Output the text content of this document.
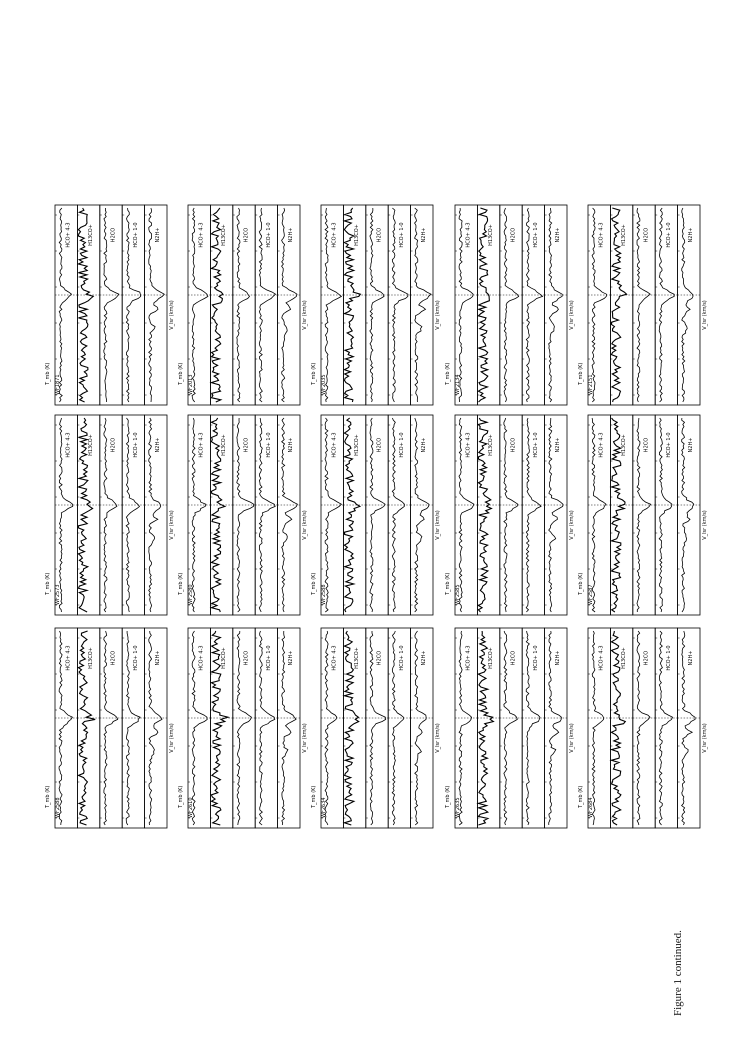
HCO+ 4-3	H13CO+	H2CO	HCO+ 1-0	N2H+
WF1871
V_lsr (km/s)
T_mb (K)
HCO+ 4-3	H13CO+	H2CO	HCO+ 1-0	N2H+
WF2013
V_lsr (km/s)
T_mb (K)
HCO+ 4-3	H13CO+	H2CO	HCO+ 1-0	N2H+
WF2035
V_lsr (km/s)
T_mb (K)
HCO+ 4-3	H13CO+	H2CO	HCO+ 1-0	N2H+
WF2134
V_lsr (km/s)
T_mb (K)
HCO+ 4-3	H13CO+	H2CO	HCO+ 1-0	N2H+
WF2151
V_lsr (km/s)
T_mb (K)
HCO+ 4-3	H13CO+	H2CO	HCO+ 1-0	N2H+
WF2573
V_lsr (km/s)
T_mb (K)
HCO+ 4-3	H13CO+	H2CO	HCO+ 1-0	N2H+
WF2580
V_lsr (km/s)
T_mb (K)
HCO+ 4-3	H13CO+	H2CO	HCO+ 1-0	N2H+
WF2588
V_lsr (km/s)
T_mb (K)
HCO+ 4-3	H13CO+	H2CO	HCO+ 1-0	N2H+
WF2585
V_lsr (km/s)
T_mb (K)
HCO+ 4-3	H13CO+	H2CO	HCO+ 1-0	N2H+
WF2587
V_lsr (km/s)
T_mb (K)
HCO+ 4-3	H13CO+	H2CO	HCO+ 1-0	N2H+
WF2588
V_lsr (km/s)
T_mb (K)
HCO+ 4-3	H13CO+	H2CO	HCO+ 1-0	N2H+
WF2610
V_lsr (km/s)
T_mb (K)
HCO+ 4-3	H13CO+	H2CO	HCO+ 1-0	N2H+
WF2634
V_lsr (km/s)
T_mb (K)
HCO+ 4-3	H13CO+	H2CO	HCO+ 1-0	N2H+
WF2635
V_lsr (km/s)
T_mb (K)
HCO+ 4-3	H13CO+	H2CO	HCO+ 1-0	N2H+
WF2684
V_lsr (km/s)
T_mb (K)
Figure 1 continued.
